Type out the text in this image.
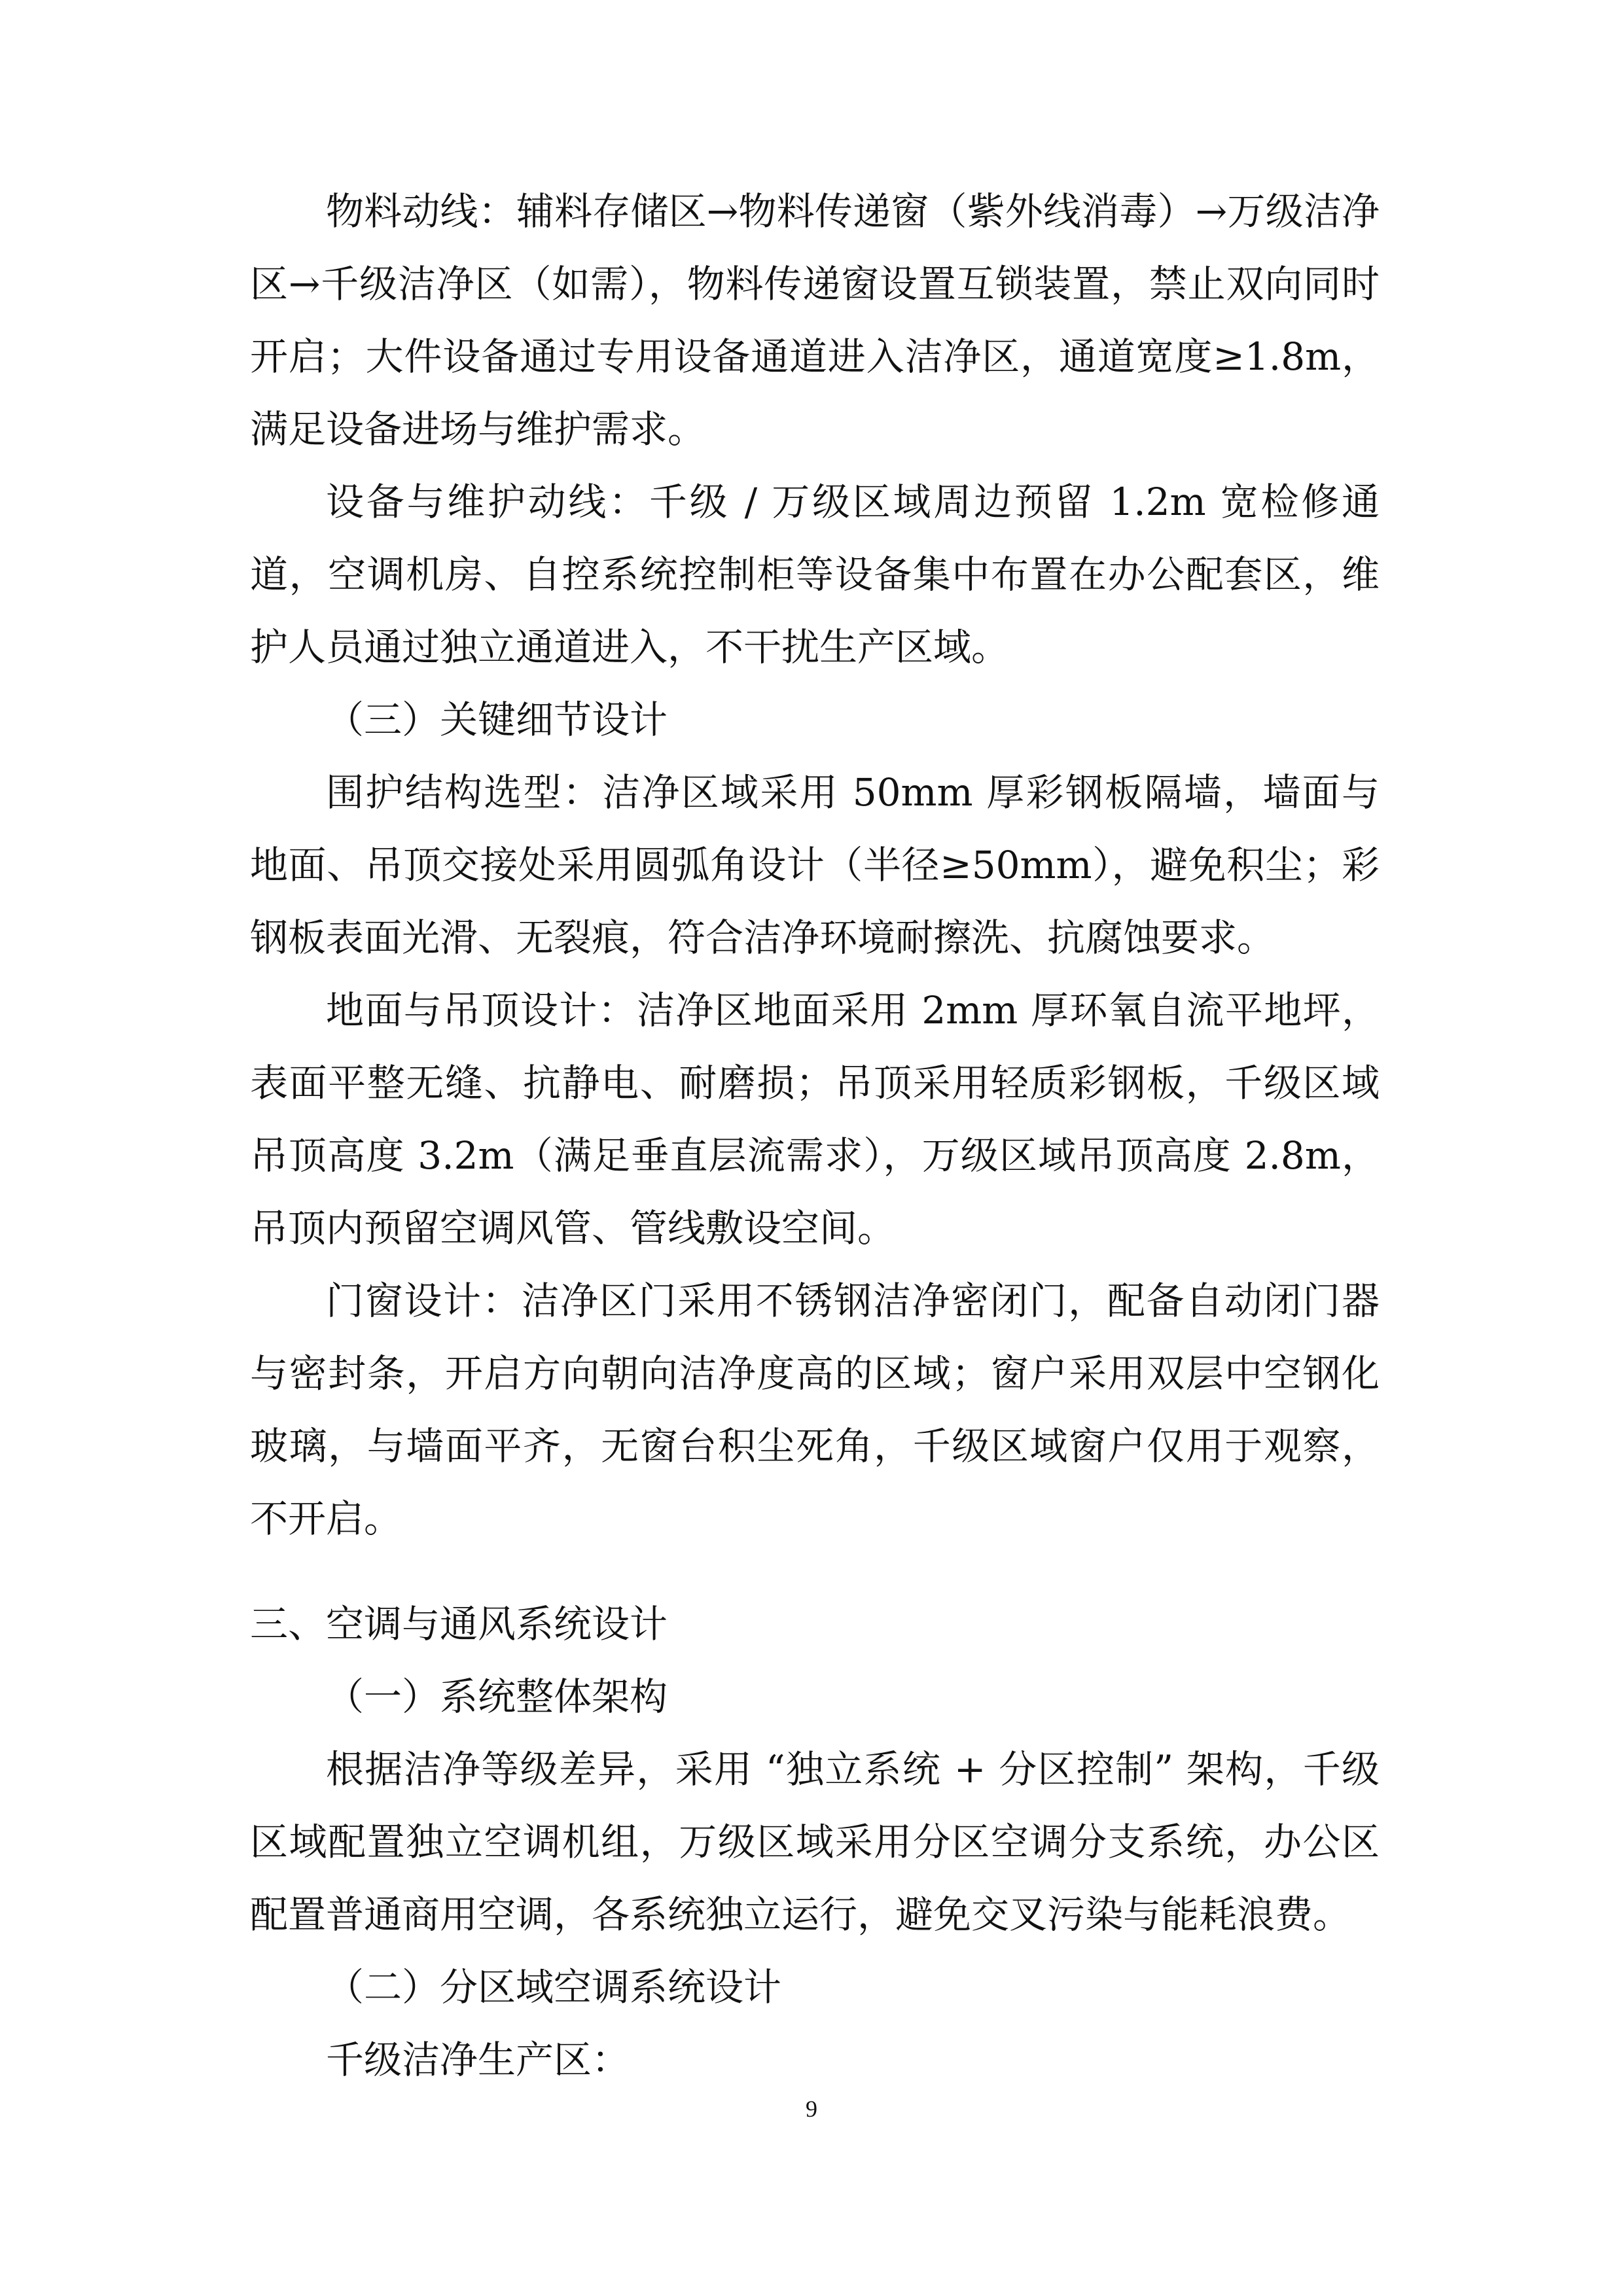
物料动线：辅料存储区→物料传递窗（紫外线消毒）→万级洁净区→千级洁净区（如需），物料传递窗设置互锁装置，禁止双向同时开启；大件设备通过专用设备通道进入洁净区，通道宽度≥1.8m，满足设备进场与维护需求。

设备与维护动线：千级 / 万级区域周边预留 1.2m 宽检修通道，空调机房、自控系统控制柜等设备集中布置在办公配套区，维护人员通过独立通道进入，不干扰生产区域。

（三）关键细节设计

围护结构选型：洁净区域采用 50mm 厚彩钢板隔墙，墙面与地面、吊顶交接处采用圆弧角设计（半径≥50mm），避免积尘；彩钢板表面光滑、无裂痕，符合洁净环境耐擦洗、抗腐蚀要求。

地面与吊顶设计：洁净区地面采用 2mm 厚环氧自流平地坪，表面平整无缝、抗静电、耐磨损；吊顶采用轻质彩钢板，千级区域吊顶高度 3.2m（满足垂直层流需求），万级区域吊顶高度 2.8m，吊顶内预留空调风管、管线敷设空间。

门窗设计：洁净区门采用不锈钢洁净密闭门，配备自动闭门器与密封条，开启方向朝向洁净度高的区域；窗户采用双层中空钢化玻璃，与墙面平齐，无窗台积尘死角，千级区域窗户仅用于观察，不开启。

三、空调与通风系统设计

（一）系统整体架构

根据洁净等级差异，采用 “独立系统 + 分区控制” 架构，千级区域配置独立空调机组，万级区域采用分区空调分支系统，办公区配置普通商用空调，各系统独立运行，避免交叉污染与能耗浪费。

（二）分区域空调系统设计

千级洁净生产区：

9
